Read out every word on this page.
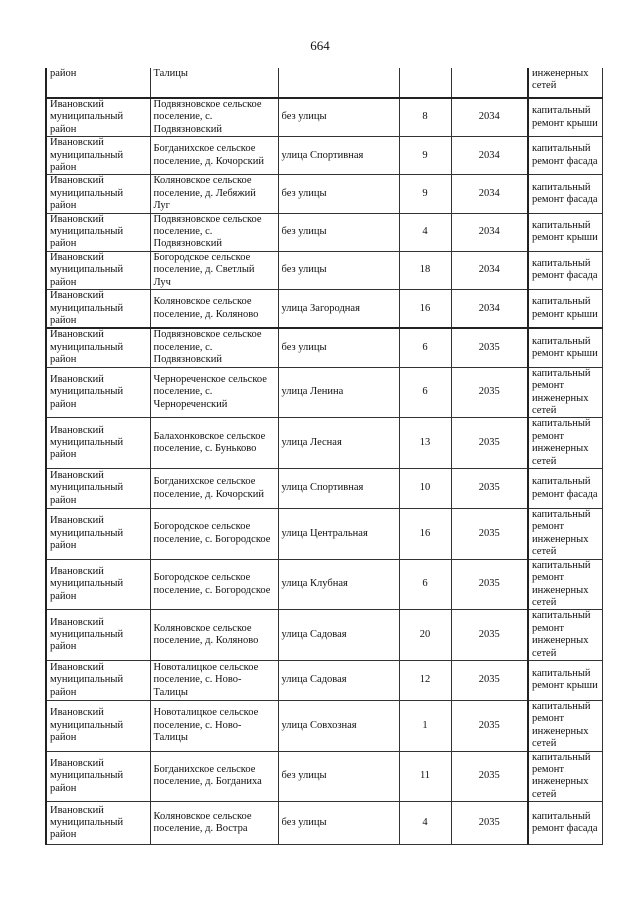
664
район	Талицы				инженерных сетей
Ивановский муниципальный район	Подвязновское сельское поселение, с. Подвязновский	без улицы	8	2034	капитальный ремонт крыши
Ивановский муниципальный район	Богданихское сельское поселение, д. Кочорский	улица Спортивная	9	2034	капитальный ремонт фасада
Ивановский муниципальный район	Коляновское сельское поселение, д. Лебяжий Луг	без улицы	9	2034	капитальный ремонт фасада
Ивановский муниципальный район	Подвязновское сельское поселение, с. Подвязновский	без улицы	4	2034	капитальный ремонт крыши
Ивановский муниципальный район	Богородское сельское поселение, д. Светлый Луч	без улицы	18	2034	капитальный ремонт фасада
Ивановский муниципальный район	Коляновское сельское поселение, д. Коляново	улица Загородная	16	2034	капитальный ремонт крыши
Ивановский муниципальный район	Подвязновское сельское поселение, с. Подвязновский	без улицы	6	2035	капитальный ремонт крыши
Ивановский муниципальный район	Чернореченское сельское поселение, с. Чернореченский	улица Ленина	6	2035	капитальный ремонт инженерных сетей
Ивановский муниципальный район	Балахонковское сельское поселение, с. Буньково	улица Лесная	13	2035	капитальный ремонт инженерных сетей
Ивановский муниципальный район	Богданихское сельское поселение, д. Кочорский	улица Спортивная	10	2035	капитальный ремонт фасада
Ивановский муниципальный район	Богородское сельское поселение, с. Богородское	улица Центральная	16	2035	капитальный ремонт инженерных сетей
Ивановский муниципальный район	Богородское сельское поселение, с. Богородское	улица Клубная	6	2035	капитальный ремонт инженерных сетей
Ивановский муниципальный район	Коляновское сельское поселение, д. Коляново	улица Садовая	20	2035	капитальный ремонт инженерных сетей
Ивановский муниципальный район	Новоталицкое сельское поселение, с. Ново-Талицы	улица Садовая	12	2035	капитальный ремонт крыши
Ивановский муниципальный район	Новоталицкое сельское поселение, с. Ново-Талицы	улица Совхозная	1	2035	капитальный ремонт инженерных сетей
Ивановский муниципальный район	Богданихское сельское поселение, д. Богданиха	без улицы	11	2035	капитальный ремонт инженерных сетей
Ивановский муниципальный район	Коляновское сельское поселение, д. Вострa	без улицы	4	2035	капитальный ремонт фасада
